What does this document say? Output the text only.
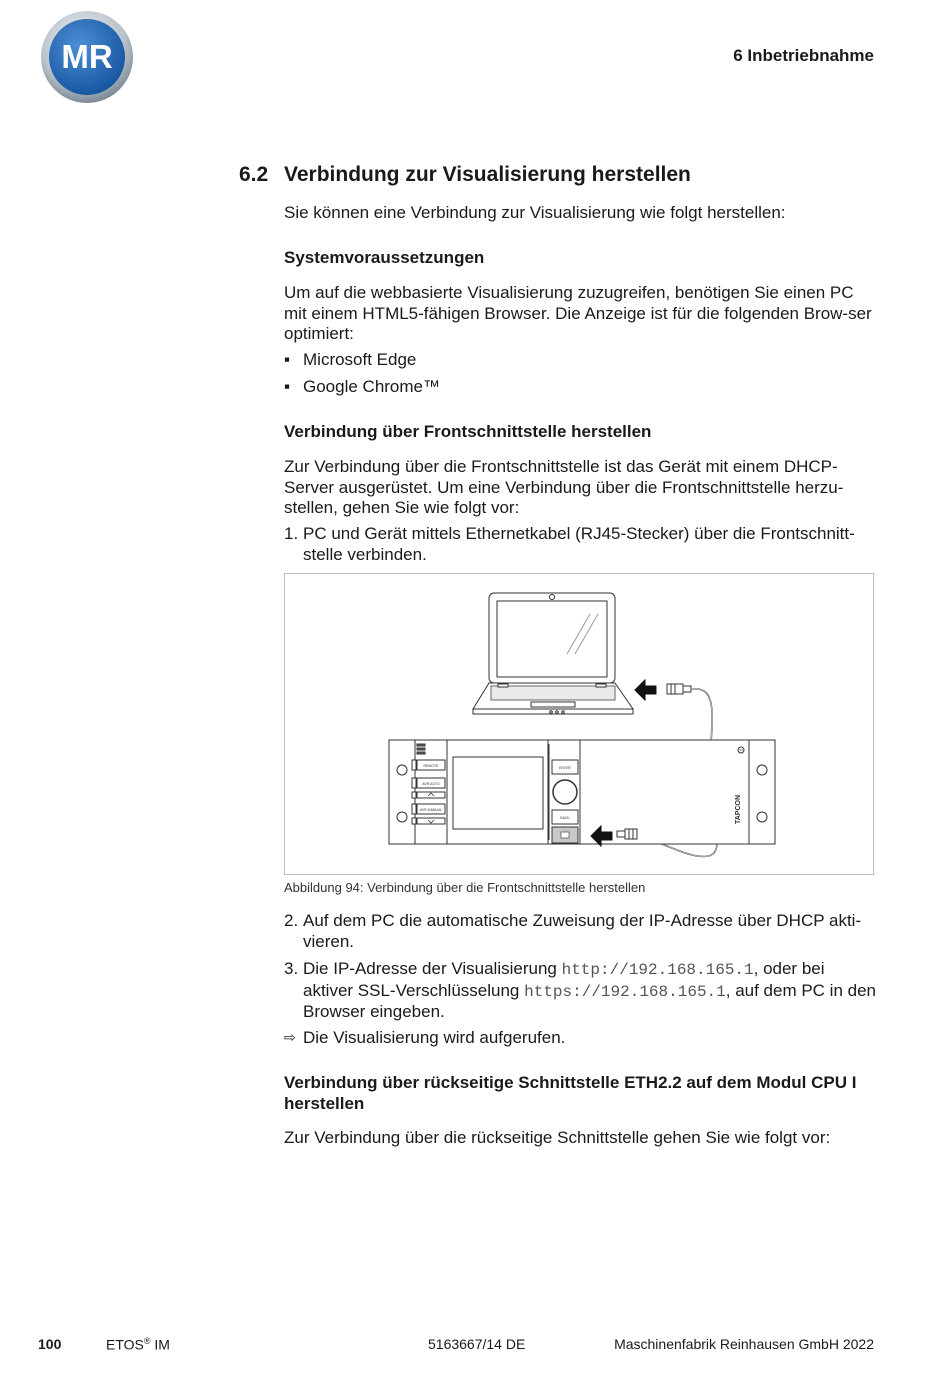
MR	6 Inbetriebnahme
6.2 Verbindung zur Visualisierung herstellen
Sie können eine Verbindung zur Visualisierung wie folgt herstellen:
Systemvoraussetzungen
Um auf die webbasierte Visualisierung zuzugreifen, benötigen Sie einen PC mit einem HTML5-fähigen Browser. Die Anzeige ist für die folgenden Brow-ser optimiert:
▪ Microsoft Edge
▪ Google Chrome™
Verbindung über Frontschnittstelle herstellen
Zur Verbindung über die Frontschnittstelle ist das Gerät mit einem DHCP-Server ausgerüstet. Um eine Verbindung über die Frontschnittstelle herzu-stellen, gehen Sie wie folgt vor:
1. PC und Gerät mittels Ethernetkabel (RJ45-Stecker) über die Frontschnitt-stelle verbinden.
REMOTE
AVR AUTO
AVR MANUAL
ENTER
BACK	TAPCON
Abbildung 94: Verbindung über die Frontschnittstelle herstellen
2. Auf dem PC die automatische Zuweisung der IP-Adresse über DHCP akti-vieren.
3. Die IP-Adresse der Visualisierung http://192.168.165.1, oder bei aktiver SSL-Verschlüsselung https://192.168.165.1, auf dem PC in den Browser eingeben.
⇨ Die Visualisierung wird aufgerufen.
Verbindung über rückseitige Schnittstelle ETH2.2 auf dem Modul CPU I herstellen
Zur Verbindung über die rückseitige Schnittstelle gehen Sie wie folgt vor:
100	ETOS® IM	5163667/14 DE	Maschinenfabrik Reinhausen GmbH 2022
